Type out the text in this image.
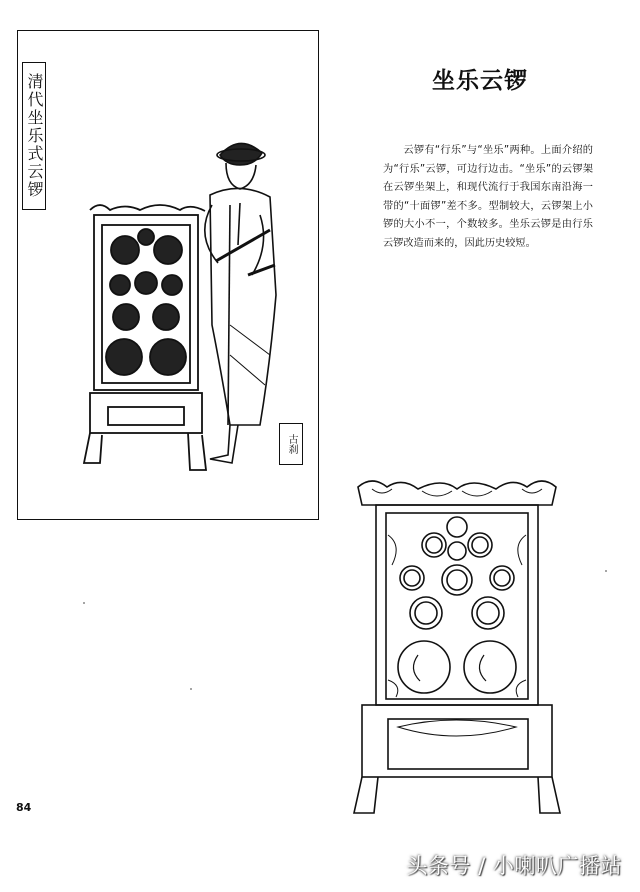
清代坐乐式云锣
古刹
坐乐云锣
云锣有“行乐”与“坐乐”两种。上面介绍的为“行乐”云锣，可边行边击。“坐乐”的云锣架在云锣坐架上，和现代流行于我国东南沿海一带的“十面锣”差不多。型制较大，云锣架上小锣的大小不一，个数较多。坐乐云锣是由行乐云锣改造而来的，因此历史较短。
84
头条号 / 小喇叭广播站
